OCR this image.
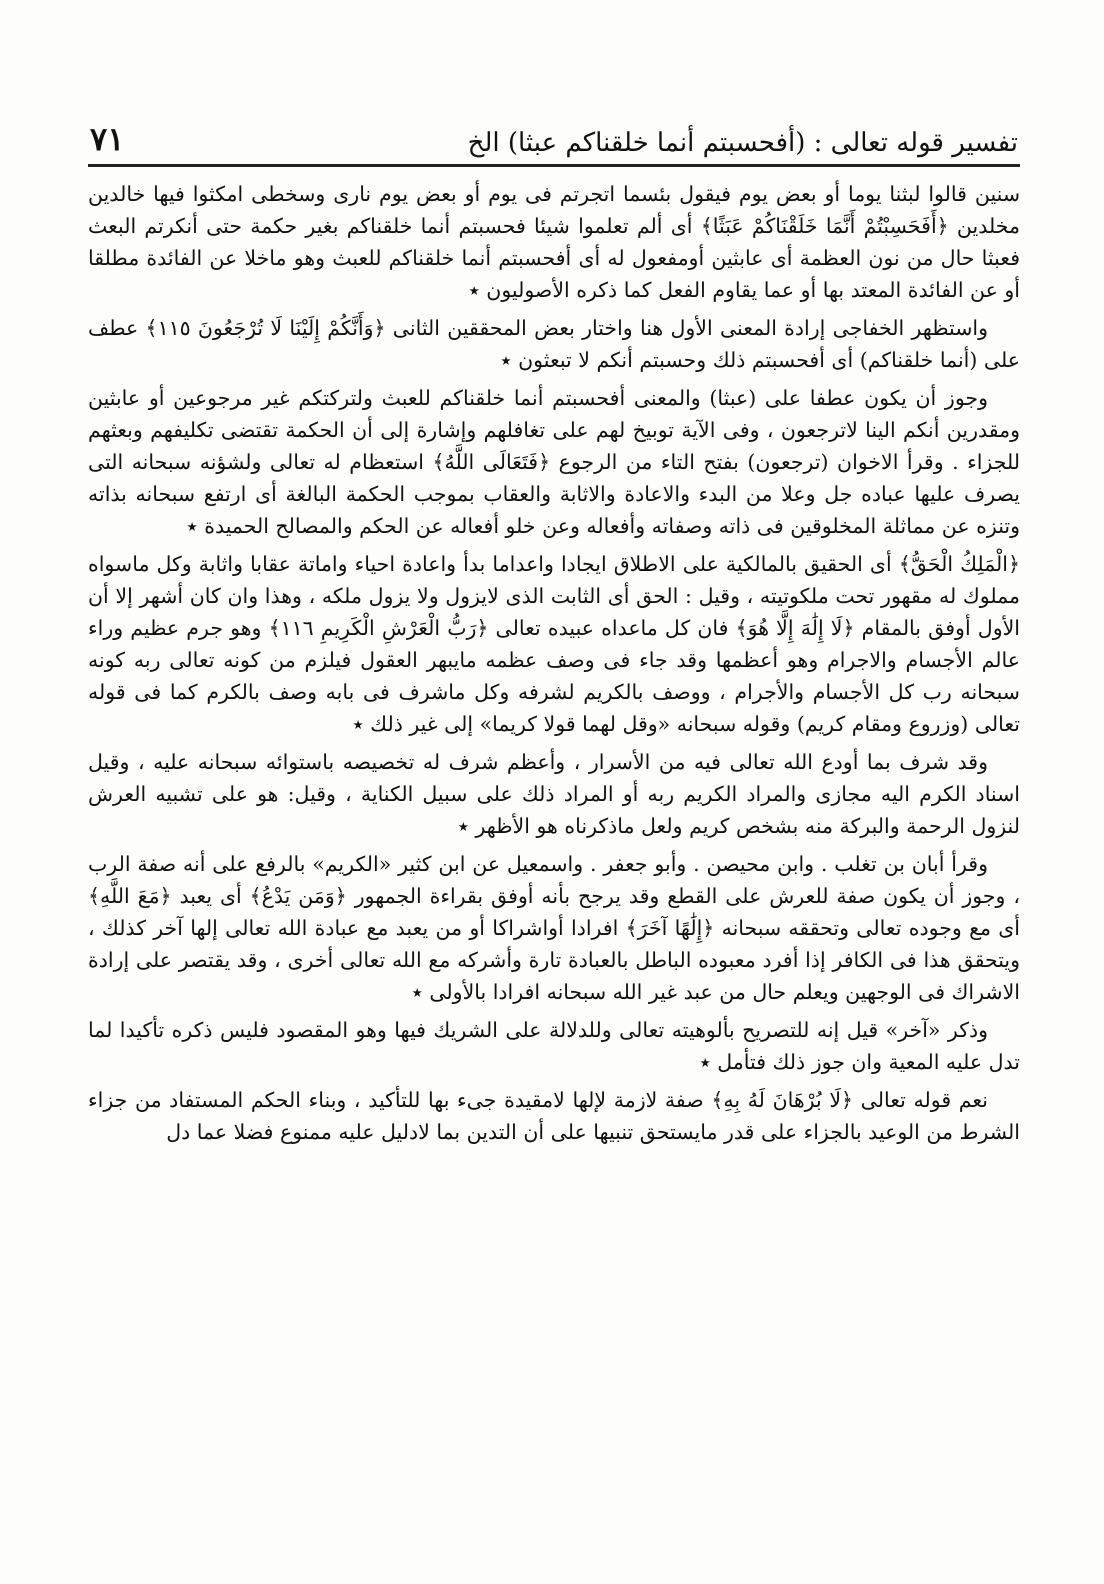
تفسير قوله تعالى : (أفحسبتم أنما خلقناكم عبثا) الخ
٧١

سنين قالوا لبثنا يوما أو بعض يوم فيقول بئسما اتجرتم فى يوم أو بعض يوم نارى وسخطى امكثوا فيها خالدين مخلدين ﴿أَفَحَسِبْتُمْ أَنَّمَا خَلَقْنَاكُمْ عَبَثًا﴾ أى ألم تعلموا شيئا فحسبتم أنما خلقناكم بغير حكمة حتى أنكرتم البعث فعبثا حال من نون العظمة أى عابثين أومفعول له أى أفحسبتم أنما خلقناكم للعبث وهو ماخلا عن الفائدة مطلقا أو عن الفائدة المعتد بها أو عما يقاوم الفعل كما ذكره الأصوليون ٭

واستظهر الخفاجى إرادة المعنى الأول هنا واختار بعض المحققين الثانى ﴿وَأَنَّكُمْ إِلَيْنَا لَا تُرْجَعُونَ ١١٥﴾ عطف على (أنما خلقناكم) أى أفحسبتم ذلك وحسبتم أنكم لا تبعثون ٭

وجوز أن يكون عطفا على (عبثا) والمعنى أفحسبتم أنما خلقناكم للعبث ولتركتكم غير مرجوعين أو عابثين ومقدرين أنكم الينا لاترجعون ، وفى الآية توبيخ لهم على تغافلهم وإشارة إلى أن الحكمة تقتضى تكليفهم وبعثهم للجزاء . وقرأ الاخوان (ترجعون) بفتح التاء من الرجوع ﴿فَتَعَالَى اللَّهُ﴾ استعظام له تعالى ولشؤنه سبحانه التى يصرف عليها عباده جل وعلا من البدء والاعادة والاثابة والعقاب بموجب الحكمة البالغة أى ارتفع سبحانه بذاته وتنزه عن مماثلة المخلوقين فى ذاته وصفاته وأفعاله وعن خلو أفعاله عن الحكم والمصالح الحميدة ٭

﴿الْمَلِكُ الْحَقُّ﴾ أى الحقيق بالمالكية على الاطلاق ايجادا واعداما بدأ واعادة احياء واماتة عقابا واثابة وكل ماسواه مملوك له مقهور تحت ملكوتيته ، وقيل : الحق أى الثابت الذى لايزول ولا يزول ملكه ، وهذا وان كان أشهر إلا أن الأول أوفق بالمقام ﴿لَا إِلَٰهَ إِلَّا هُوَ﴾ فان كل ماعداه عبيده تعالى ﴿رَبُّ الْعَرْشِ الْكَرِيمِ ١١٦﴾ وهو جرم عظيم وراء عالم الأجسام والاجرام وهو أعظمها وقد جاء فى وصف عظمه مايبهر العقول فيلزم من كونه تعالى ربه كونه سبحانه رب كل الأجسام والأجرام ، ووصف بالكريم لشرفه وكل ماشرف فى بابه وصف بالكرم كما فى قوله تعالى (وزروع ومقام كريم) وقوله سبحانه «وقل لهما قولا كريما» إلى غير ذلك ٭

وقد شرف بما أودع الله تعالى فيه من الأسرار ، وأعظم شرف له تخصيصه باستوائه سبحانه عليه ، وقيل اسناد الكرم اليه مجازى والمراد الكريم ربه أو المراد ذلك على سبيل الكناية ، وقيل: هو على تشبيه العرش لنزول الرحمة والبركة منه بشخص كريم ولعل ماذكرناه هو الأظهر ٭

وقرأ أبان بن تغلب . وابن محيصن . وأبو جعفر . واسمعيل عن ابن كثير «الكريم» بالرفع على أنه صفة الرب ، وجوز أن يكون صفة للعرش على القطع وقد يرجح بأنه أوفق بقراءة الجمهور ﴿وَمَن يَدْعُ﴾ أى يعبد ﴿مَعَ اللَّهِ﴾ أى مع وجوده تعالى وتحققه سبحانه ﴿إِلَٰهًا آخَرَ﴾ افرادا أواشراكا أو من يعبد مع عبادة الله تعالى إلها آخر كذلك ، ويتحقق هذا فى الكافر إذا أفرد معبوده الباطل بالعبادة تارة وأشركه مع الله تعالى أخرى ، وقد يقتصر على إرادة الاشراك فى الوجهين ويعلم حال من عبد غير الله سبحانه افرادا بالأولى ٭

وذكر «آخر» قيل إنه للتصريح بألوهيته تعالى وللدلالة على الشريك فيها وهو المقصود فليس ذكره تأكيدا لما تدل عليه المعية وان جوز ذلك فتأمل ٭

نعم قوله تعالى ﴿لَا بُرْهَانَ لَهُ بِهِ﴾ صفة لازمة لإلها لامقيدة جىء بها للتأكيد ، وبناء الحكم المستفاد من جزاء الشرط من الوعيد بالجزاء على قدر مايستحق تنبيها على أن التدين بما لادليل عليه ممنوع فضلا عما دل
